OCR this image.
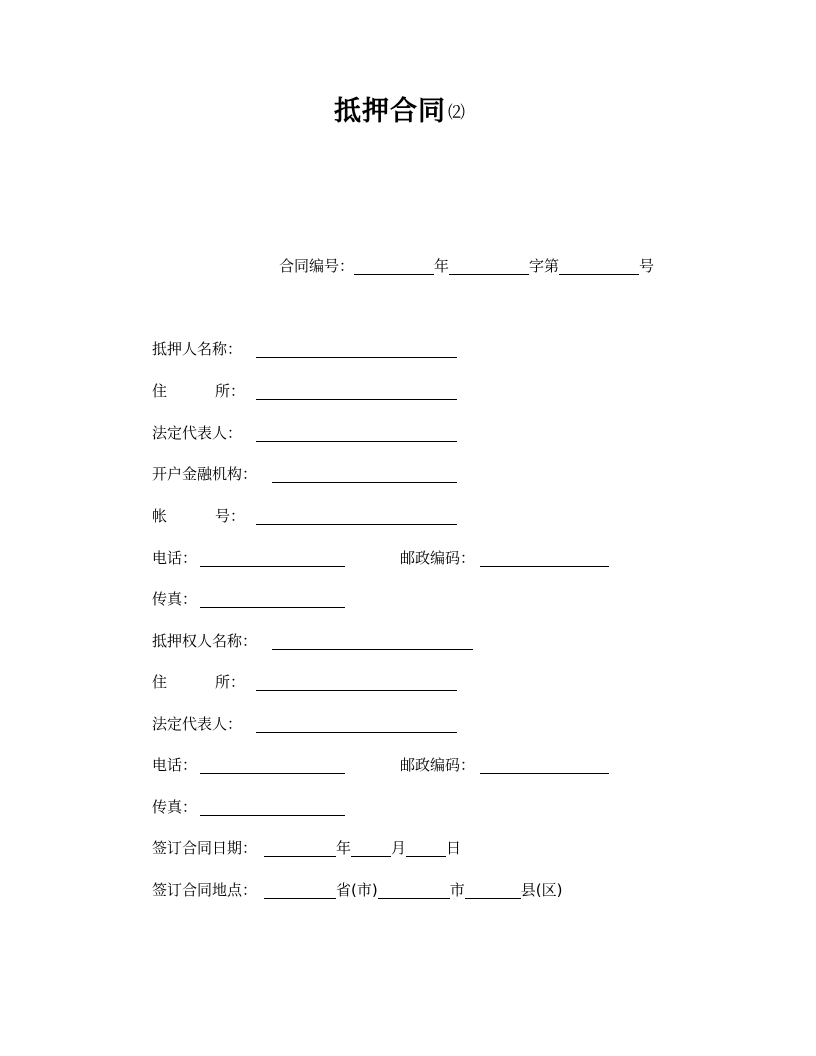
抵押合同 ⑵
合同编号：	年	字第	号
抵押人名称：
住	所：
法定代表人：
开户金融机构：
帐	号：
电话：	邮政编码：
传真：
抵押权人名称：
住	所：
法定代表人：
电话：	邮政编码：
传真：
签订合同日期：	年	月	日
签订合同地点：	省(市)	市	县(区)
